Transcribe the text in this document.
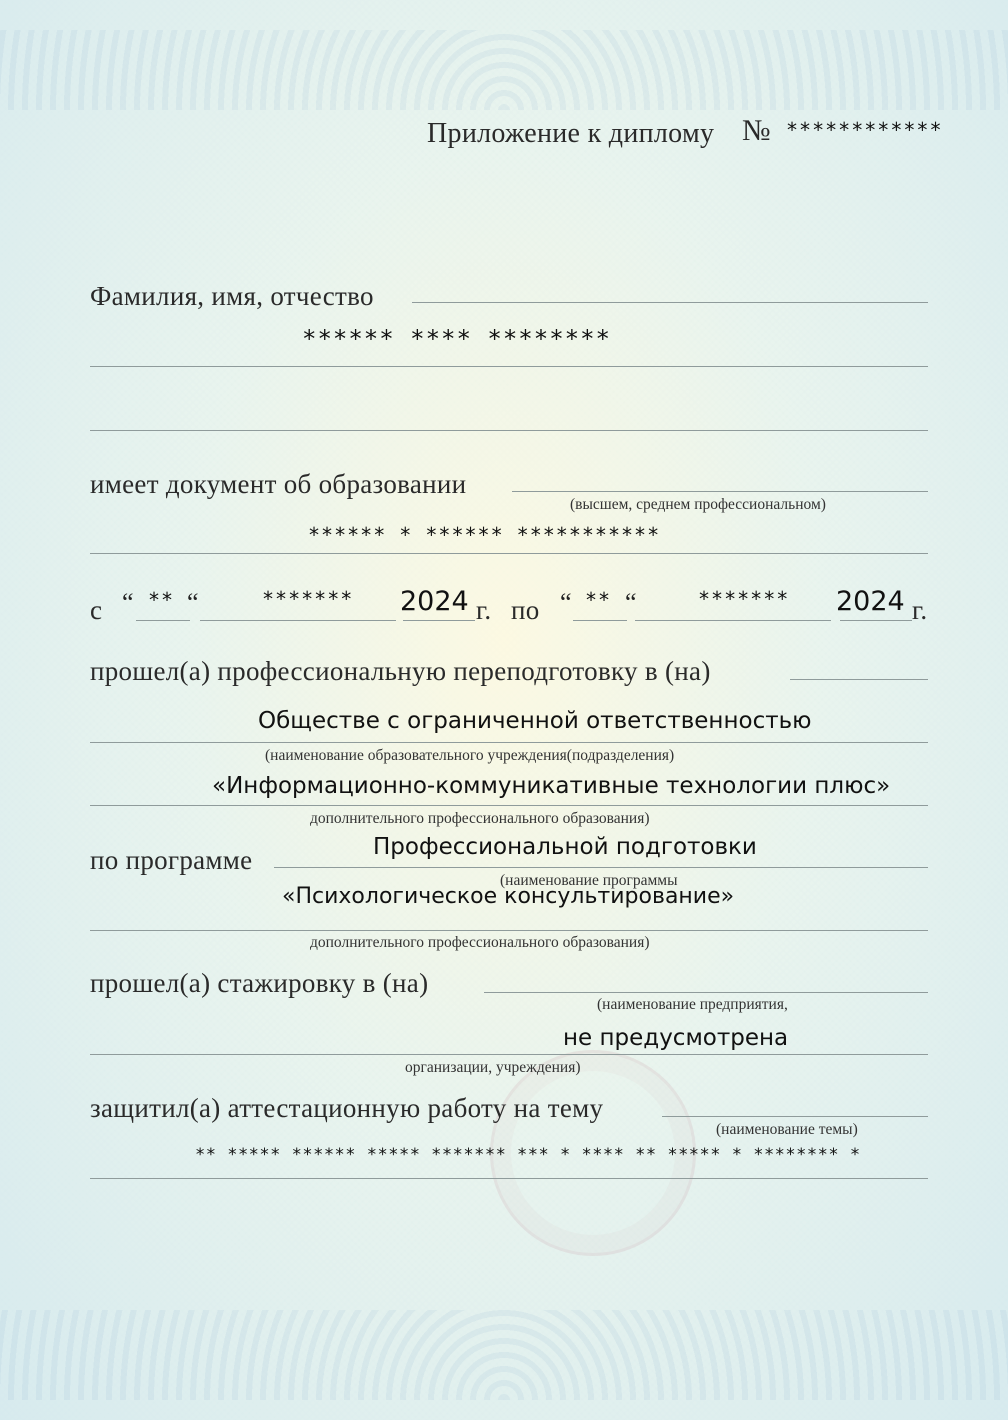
Приложение к диплому № ************
Фамилия, имя, отчество
****** **** ********
имеет документ об образовании
(высшем, среднем профессиональном)
****** * ****** ***********
с “ ** “	******* 2024 г. по “ ** “	******* 2024 г.
прошел(а) профессиональную переподготовку в (на)
Обществе с ограниченной ответственностью
(наименование образовательного учреждения(подразделения)
«Информационно-коммуникативные технологии плюс»
дополнительного профессионального образования)
по программе	Профессиональной подготовки
(наименование программы
«Психологическое консультирование»
дополнительного профессионального образования)
прошел(а) стажировку в (на)
(наименование предприятия,
не предусмотрена
организации, учреждения)
защитил(а) аттестационную работу на тему
(наименование темы)
** ***** ****** ***** ******* *** * **** ** ***** * ******** *
